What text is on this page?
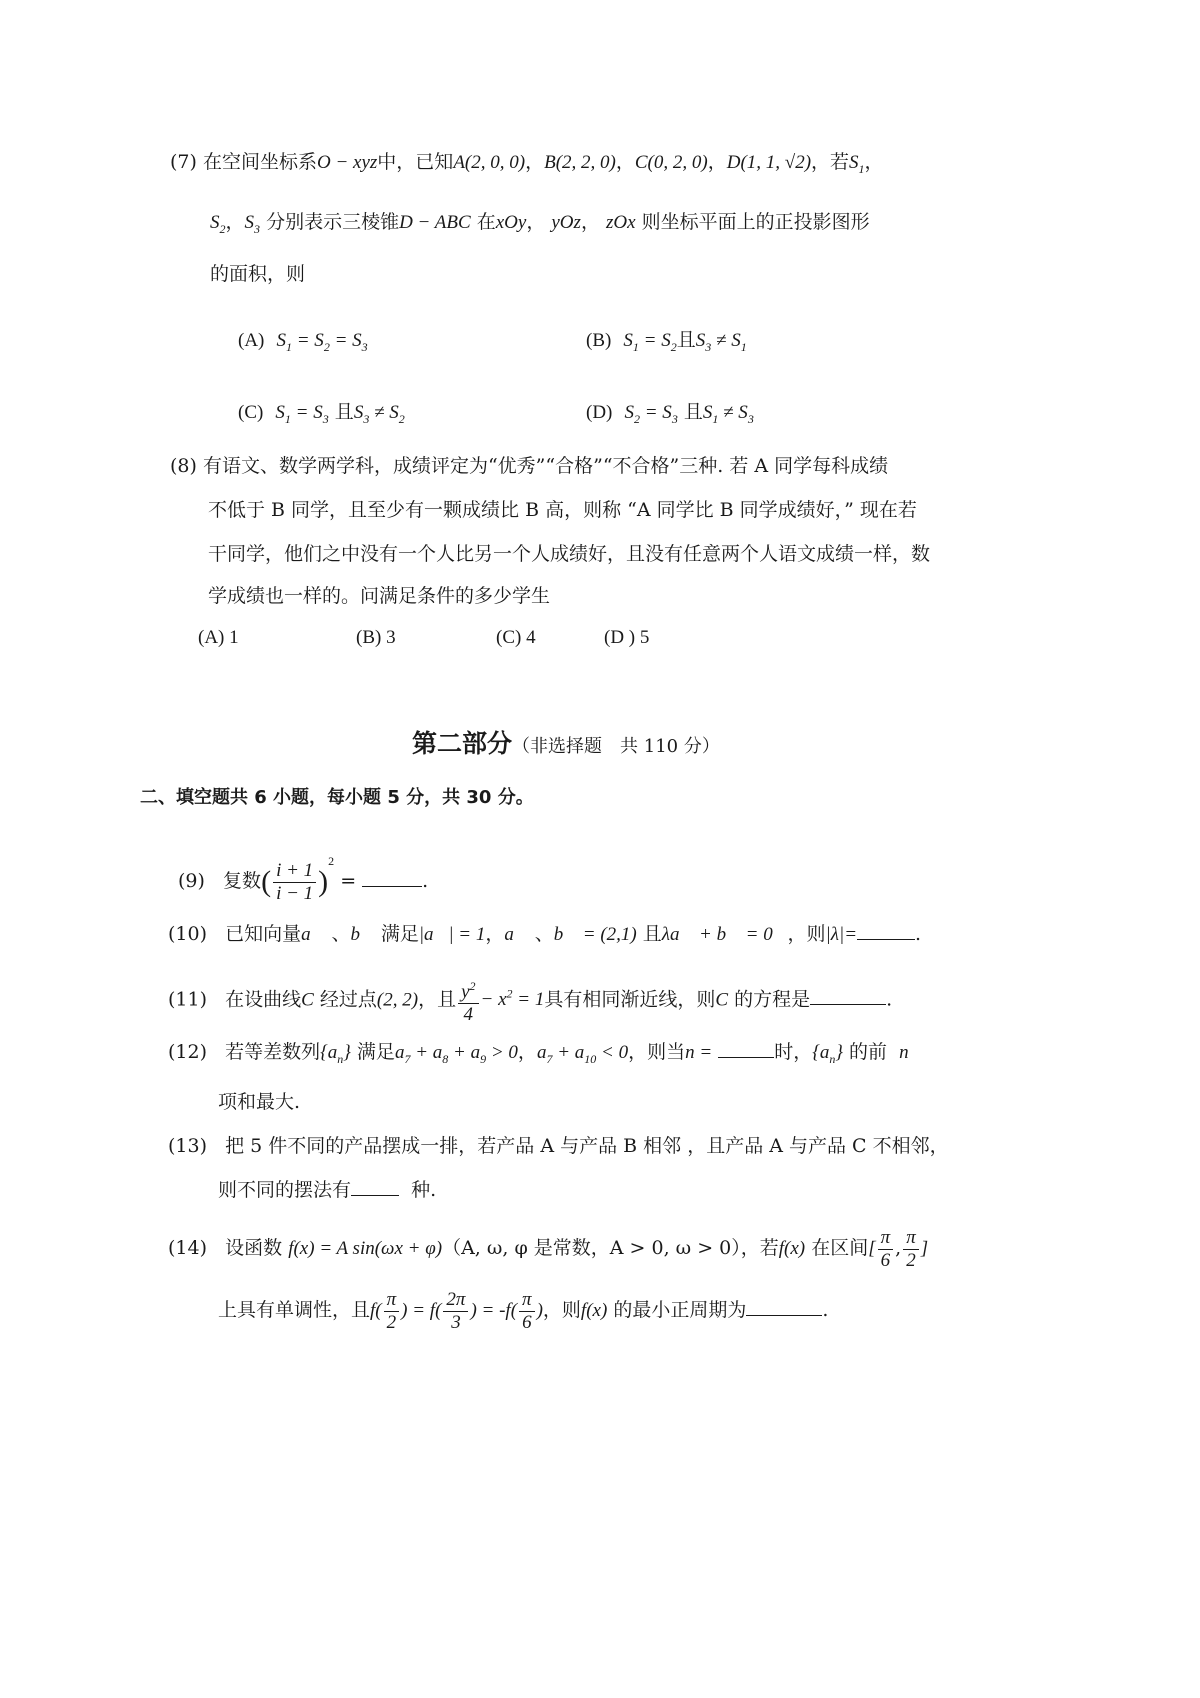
(7) 在空间坐标系O − xyz中，已知A(2, 0, 0)，B(2, 2, 0)，C(0, 2, 0)，D(1, 1, √2)，若$S_1$，
$S_2$，$S_3$ 分别表示三棱锥D − ABC 在xOy， yOz， zOx 则坐标平面上的正投影图形
的面积，则
(A) $S_1 = S_2 = S_3$	(B) $S_1 = S_2$且$S_3 \ne S_1$
(C) $S_1 = S_3$ 且$S_3 \ne S_2$	(D) $S_2 = S_3$ 且$S_1 \ne S_3$
(8) 有语文、数学两学科，成绩评定为“优秀”“合格”“不合格”三种. 若 A 同学每科成绩
不低于 B 同学，且至少有一颗成绩比 B 高，则称 “A 同学比 B 同学成绩好，” 现在若
干同学，他们之中没有一个人比另一个人成绩好，且没有任意两个人语文成绩一样，数
学成绩也一样的。问满足条件的多少学生
(A) 1	(B) 3	(C) 4	(D ) 5
第二部分（非选择题　共 110 分）
二、填空题共 6 小题，每小题 5 分，共 30 分。
(9) 复数( $\frac{i + 1}{i - 1} )^2$ =	.
(10) 已知向量a⃗ 、b⃗ 满足|a⃗| = 1，a⃗ 、b⃗ = (2,1) 且λa⃗ + b⃗ = 0⃗，则|λ|=	.
(11) 在设曲线C 经过点(2, 2)，且 $\frac{y^2}{4} - x^2 = 1$具有相同渐近线，则C 的方程是	.
(12) 若等差数列$\{a_n\}$ 满足$a_7 + a_8 + a_9 > 0$，$a_7 + a_{10} < 0$，则当n =	时，$\{a_n\}$ 的前 n
项和最大.
(13) 把 5 件不同的产品摆成一排，若产品 A 与产品 B 相邻 ，且产品 A 与产品 C 不相邻，
则不同的摆法有	种.
(14) 设函数 f(x) = A sin(ωx + φ)（A, ω, φ 是常数，A > 0, ω > 0），若f(x) 在区间[ $\frac{\pi}{6}$ , $\frac{\pi}{2}$ ]
上具有单调性，且$f( \frac{\pi}{2}$ ) = $f( \frac{2\pi}{3}$ ) = $-f( \frac{\pi}{6}$ )，则f(x) 的最小正周期为	.
